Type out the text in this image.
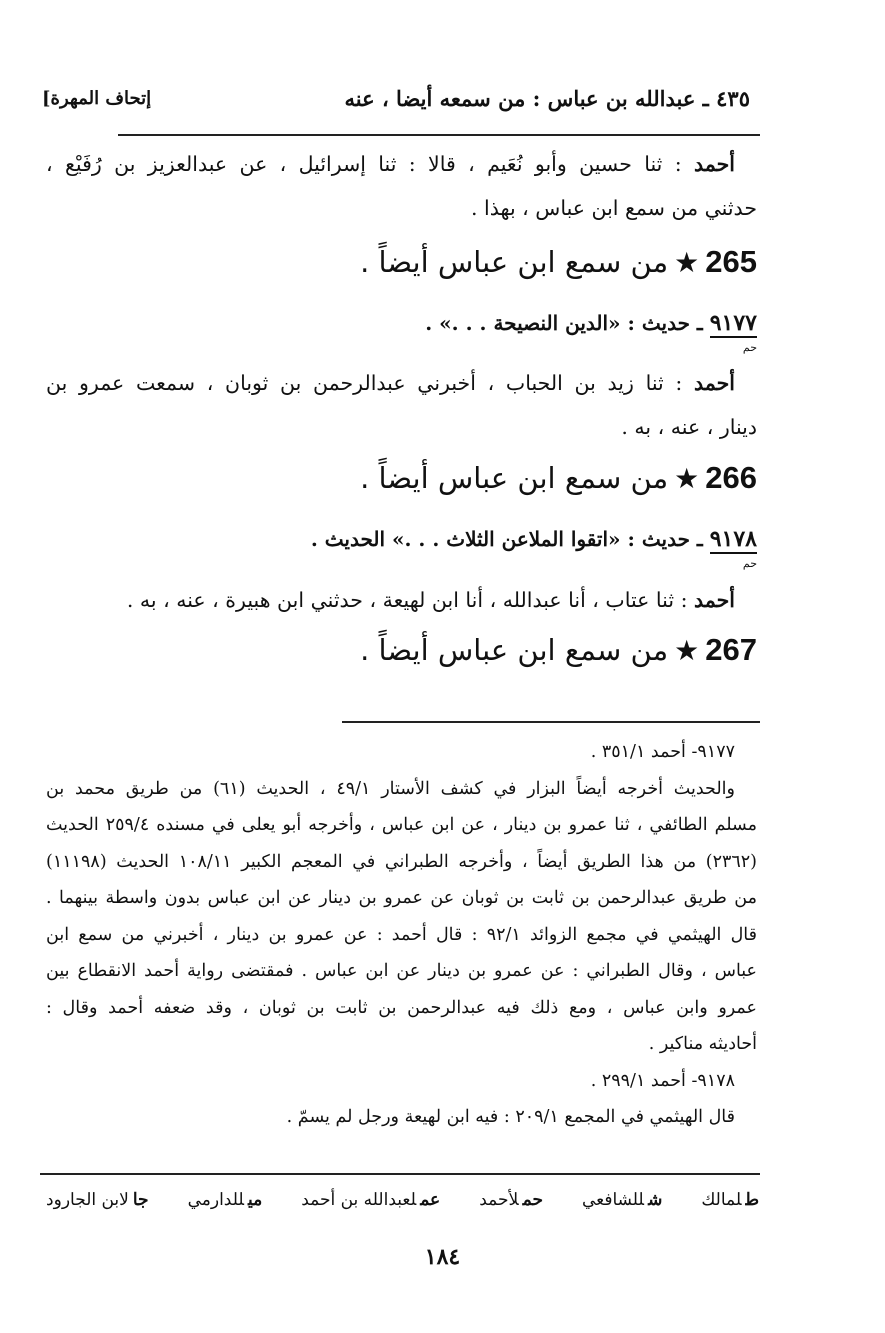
٤٣٥ ـ عبدالله بن عباس : من سمعه أيضا ، عنه
[إتحاف المهرة
أحمد : ثنا حسين وأبو نُعَيم ، قالا : ثنا إسرائيل ، عن عبدالعزيز بن رُفَيْع ،
حدثني من سمع ابن عباس ، بهذا .
265★من سمع ابن عباس أيضاً .
٩١٧٧ ـ حديث : «الدين النصيحة . . .» .
حم
أحمد : ثنا زيد بن الحباب ، أخبرني عبدالرحمن بن ثوبان ، سمعت عمرو بن
دينار ، عنه ، به .
266★من سمع ابن عباس أيضاً .
٩١٧٨ ـ حديث : «اتقوا الملاعن الثلاث . . .» الحديث .
حم
أحمد : ثنا عتاب ، أنا عبدالله ، أنا ابن لهيعة ، حدثني ابن هبيرة ، عنه ، به .
267★من سمع ابن عباس أيضاً .
٩١٧٧- أحمد ٣٥١/١ .
والحديث أخرجه أيضاً البزار في كشف الأستار ٤٩/١ ، الحديث (٦١) من طريق محمد بن
مسلم الطائفي ، ثنا عمرو بن دينار ، عن ابن عباس ، وأخرجه أبو يعلى في مسنده ٢٥٩/٤ الحديث
(٢٣٦٢) من هذا الطريق أيضاً ، وأخرجه الطبراني في المعجم الكبير ١٠٨/١١ الحديث (١١١٩٨)
من طريق عبدالرحمن بن ثابت بن ثوبان عن عمرو بن دينار عن ابن عباس بدون واسطة بينهما .
قال الهيثمي في مجمع الزوائد ٩٢/١ : قال أحمد : عن عمرو بن دينار ، أخبرني من سمع ابن
عباس ، وقال الطبراني : عن عمرو بن دينار عن ابن عباس . فمقتضى رواية أحمد الانقطاع بين
عمرو وابن عباس ، ومع ذلك فيه عبدالرحمن بن ثابت بن ثوبان ، وقد ضعفه أحمد وقال :
أحاديثه مناكير .
٩١٧٨- أحمد ٢٩٩/١ .
قال الهيثمي في المجمع ٢٠٩/١ : فيه ابن لهيعة ورجل لم يسمّ .
طلمالك
شللشافعي
حملأحمد
عملعبدالله بن أحمد
ميللدارمي
جالابن الجارود
١٨٤
